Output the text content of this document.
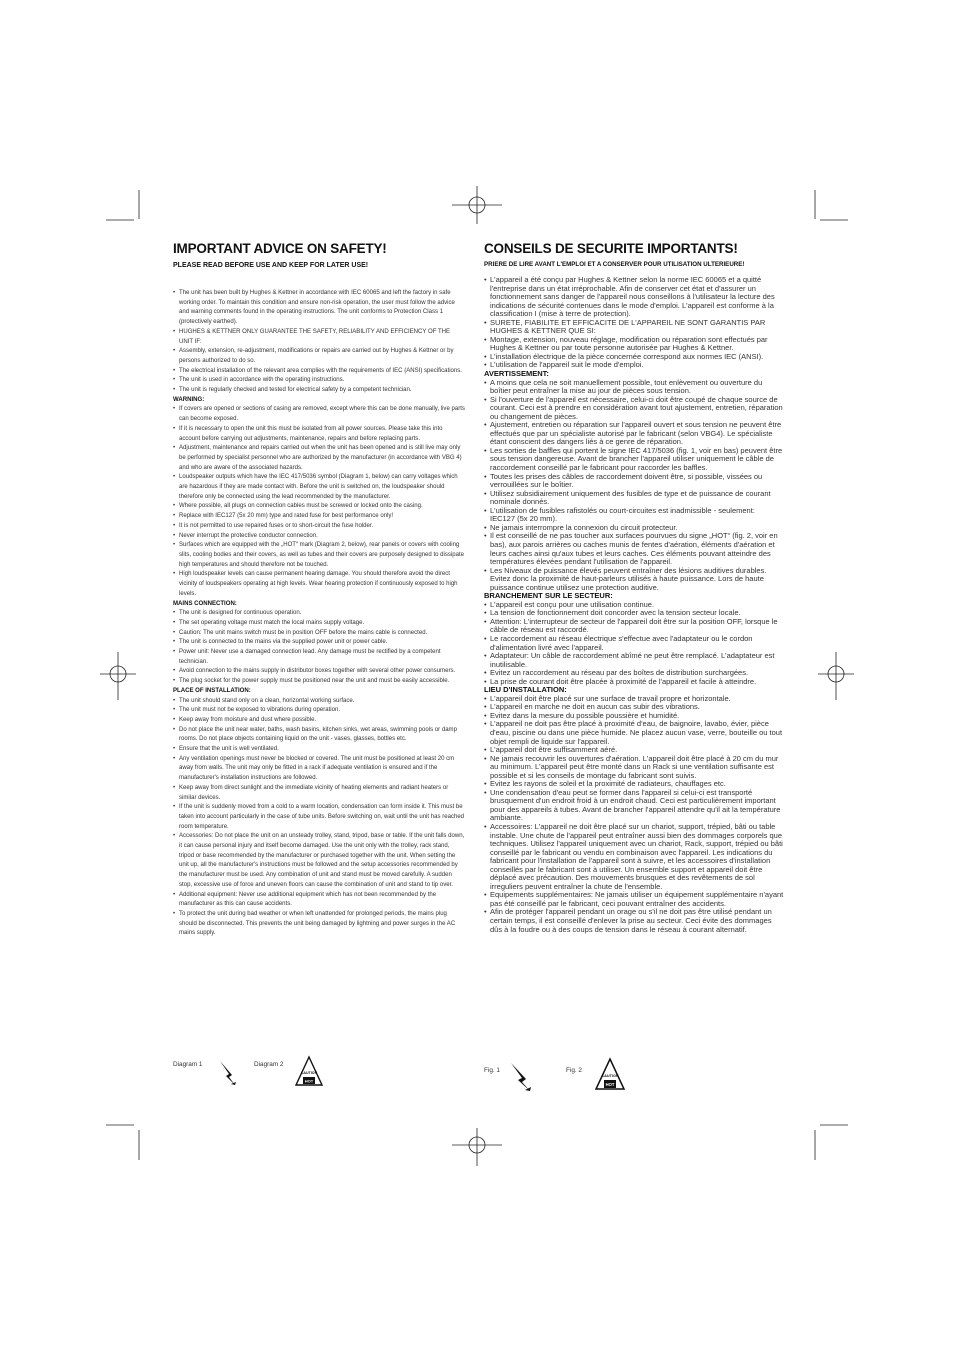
IMPORTANT ADVICE ON SAFETY!
PLEASE READ BEFORE USE AND KEEP FOR LATER USE!
• The unit has been built by Hughes & Kettner in accordance with IEC 60065 and left the factory in safe working order. To maintain this condition and ensure non-risk operation, the user must follow the advice and warning comments found in the operating instructions. The unit conforms to Protection Class 1 (protectively earthed).
• HUGHES & KETTNER ONLY GUARANTEE THE SAFETY, RELIABILITY AND EFFICIENCY OF THE UNIT IF:
• Assembly, extension, re-adjustment, modifications or repairs are carried out by Hughes & Kettner or by persons authorized to do so.
• The electrical installation of the relevant area complies with the requirements of IEC (ANSI) specifications.
• The unit is used in accordance with the operating instructions.
• The unit is regularly checked and tested for electrical safety by a competent technician.
WARNING:
• If covers are opened or sections of casing are removed, except where this can be done manually, live parts can become exposed.
• If it is necessary to open the unit this must be isolated from all power sources. Please take this into account before carrying out adjustments, maintenance, repairs and before replacing parts.
• Adjustment, maintenance and repairs carried out when the unit has been opened and is still live may only be performed by specialist personnel who are authorized by the manufacturer (in accordance with VBG 4) and who are aware of the associated hazards.
• Loudspeaker outputs which have the IEC 417/5036 symbol (Diagram 1, below) can carry voltages which are hazardous if they are made contact with. Before the unit is switched on, the loudspeaker should therefore only be connected using the lead recommended by the manufacturer.
• Where possible, all plugs on connection cables must be screwed or locked onto the casing.
• Replace with IEC127 (5x 20 mm) type and rated fuse for best performance only!
• It is not permitted to use repaired fuses or to short-circuit the fuse holder.
• Never interrupt the protective conductor connection.
• Surfaces which are equipped with the „HOT“ mark (Diagram 2, below), rear panels or covers with cooling slits, cooling bodies and their covers, as well as tubes and their covers are purposely designed to dissipate high temperatures and should therefore not be touched.
• High loudspeaker levels can cause permanent hearing damage. You should therefore avoid the direct vicinity of loudspeakers operating at high levels. Wear hearing protection if continuously exposed to high levels.
MAINS CONNECTION:
• The unit is designed for continuous operation.
• The set operating voltage must match the local mains supply voltage.
• Caution: The unit mains switch must be in position OFF before the mains cable is connected.
• The unit is connected to the mains via the supplied power unit or power cable.
• Power unit: Never use a damaged connection lead. Any damage must be rectified by a competent technician.
• Avoid connection to the mains supply in distributor boxes together with several other power consumers.
• The plug socket for the power supply must be positioned near the unit and must be easily accessible.
PLACE OF INSTALLATION:
• The unit should stand only on a clean, horizontal working surface.
• The unit must not be exposed to vibrations during operation.
• Keep away from moisture and dust where possible.
• Do not place the unit near water, baths, wash basins, kitchen sinks, wet areas, swimming pools or damp rooms. Do not place objects containing liquid on the unit - vases, glasses, bottles etc.
• Ensure that the unit is well ventilated.
• Any ventilation openings must never be blocked or covered. The unit must be positioned at least 20 cm away from walls. The unit may only be fitted in a rack if adequate ventilation is ensured and if the manufacturer's installation instructions are followed.
• Keep away from direct sunlight and the immediate vicinity of heating elements and radiant heaters or similar devices.
• If the unit is suddenly moved from a cold to a warm location, condensation can form inside it. This must be taken into account particularly in the case of tube units. Before switching on, wait until the unit has reached room temperature.
• Accessories: Do not place the unit on an unsteady trolley, stand, tripod, base or table. If the unit falls down, it can cause personal injury and itself become damaged. Use the unit only with the trolley, rack stand, tripod or base recommended by the manufacturer or purchased together with the unit. When setting the unit up, all the manufacturer's instructions must be followed and the setup accessories recommended by the manufacturer must be used. Any combination of unit and stand must be moved carefully. A sudden stop, excessive use of force and uneven floors can cause the combination of unit and stand to tip over.
• Additional equipment: Never use additional equipment which has not been recommended by the manufacturer as this can cause accidents.
• To protect the unit during bad weather or when left unattended for prolonged periods, the mains plug should be disconnected. This prevents the unit being damaged by lightning and power surges in the AC mains supply.
CONSEILS DE SECURITE IMPORTANTS!
PRIERE DE LIRE AVANT L'EMPLOI ET A CONSERVER POUR UTILISATION ULTERIEURE!
• L'appareil a été conçu par Hughes & Kettner selon la norme IEC 60065 et a quitté l'entreprise dans un état irréprochable. Afin de conserver cet état et d'assurer un fonctionnement sans danger de l'appareil nous conseillons à l'utilisateur la lecture des indications de sécurité contenues dans le mode d'emploi. L'appareil est conforme à la classification I (mise à terre de protection).
• SURETE, FIABILITE ET EFFICACITE DE L'APPAREIL NE SONT GARANTIS PAR HUGHES & KETTNER QUE SI:
• Montage, extension, nouveau réglage, modification ou réparation sont effectués par Hughes & Kettner ou par toute personne autorisée par Hughes & Kettner.
• L'installation électrique de la pièce concernée correspond aux normes IEC (ANSI).
• L'utilisation de l'appareil suit le mode d'emploi.
AVERTISSEMENT:
• A moins que cela ne soit manuellement possible, tout enlèvement ou ouverture du boîtier peut entraîner la mise au jour de pièces sous tension.
• Si l'ouverture de l'appareil est nécessaire, celui-ci doit être coupé de chaque source de courant. Ceci est à prendre en considération avant tout ajustement, entretien, réparation ou changement de pièces.
• Ajustement, entretien ou réparation sur l'appareil ouvert et sous tension ne peuvent être effectués que par un spécialiste autorisé par le fabricant (selon VBG4). Le spécialiste étant conscient des dangers liés à ce genre de réparation.
• Les sorties de baffles qui portent le signe IEC 417/5036 (fig. 1, voir en bas) peuvent être sous tension dangereuse. Avant de brancher l'appareil utiliser uniquement le câble de raccordement conseillé par le fabricant pour raccorder les baffles.
• Toutes les prises des câbles de raccordement doivent être, si possible, vissées ou verrouillées sur le boîtier.
• Utilisez subsidiairement uniquement des fusibles de type et de puissance de courant nominale donnés.
• L'utilisation de fusibles rafistolés ou court-circuites est inadmissible - seulement:
IEC127 (5x 20 mm).
• Ne jamais interrompre la connexion du circuit protecteur.
• Il est conseillé de ne pas toucher aux surfaces pourvues du signe „HOT“ (fig. 2, voir en bas), aux parois arrières ou caches munis de fentes d'aération, éléments d'aération et leurs caches ainsi qu'aux tubes et leurs caches. Ces éléments pouvant atteindre des températures élevées pendant l'utilisation de l'appareil.
• Les Niveaux de puissance élevés peuvent entraîner des lésions auditives durables. Evitez donc la proximité de haut-parleurs utilisés à haute puissance. Lors de haute puissance continue utilisez une protection auditive.
BRANCHEMENT SUR LE SECTEUR:
• L'appareil est conçu pour une utilisation continue.
• La tension de fonctionnement doit concorder avec la tension secteur locale.
• Attention: L'interrupteur de secteur de l'appareil doit être sur la position OFF, lorsque le câble de réseau est raccordé.
• Le raccordement au réseau électrique s'effectue avec l'adaptateur ou le cordon d'alimentation livré avec l'appareil.
• Adaptateur: Un câble de raccordement abîmé ne peut être remplacé. L'adaptateur est inutilisable.
• Evitez un raccordement au réseau par des boîtes de distribution surchargées.
• La prise de courant doit être placée à proximité de l'appareil et facile à atteindre.
LIEU D'INSTALLATION:
• L'appareil doit être placé sur une surface de travail propre et horizontale.
• L'appareil en marche ne doit en aucun cas subir des vibrations.
• Evitez dans la mesure du possible poussière et humidité.
• L'appareil ne doit pas être placé à proximité d'eau, de baignoire, lavabo, évier, pièce d'eau, piscine ou dans une pièce humide. Ne placez aucun vase, verre, bouteille ou tout objet rempli de liquide sur l'appareil.
• L'appareil doit être suffisamment aéré.
• Ne jamais recouvrir les ouvertures d'aération. L'appareil doit être placé à 20 cm du mur au minimum. L'appareil peut être monté dans un Rack si une ventilation suffisante est possible et si les conseils de montage du fabricant sont suivis.
• Evitez les rayons de soleil et la proximité de radiateurs, chauffages etc.
• Une condensation d'eau peut se former dans l'appareil si celui-ci est transporté brusquement d'un endroit froid à un endroit chaud. Ceci est particulièrement important pour des appareils à tubes. Avant de brancher l'appareil attendre qu'il ait la température ambiante.
• Accessoires: L'appareil ne doit être placé sur un chariot, support, trépied, bâti ou table instable. Une chute de l'appareil peut entraîner aussi bien des dommages corporels que techniques. Utilisez l'appareil uniquement avec un chariot, Rack, support, trépied ou bâti conseillé par le fabricant ou vendu en combinaison avec l'appareil. Les indications du fabricant pour l'installation de l'appareil sont à suivre, et les accessoires d'installation conseillés par le fabricant sont à utiliser. Un ensemble support et appareil doit être déplacé avec précaution. Des mouvements brusques et des revêtements de sol irreguliers peuvent entraîner la chute de l'ensemble.
• Equipements supplémentaires: Ne jamais utiliser un équipement supplémentaire n'ayant pas été conseillé par le fabricant, ceci pouvant entraîner des accidents.
• Afin de protéger l'appareil pendant un orage ou s'il ne doit pas être utilisé pendant un certain temps, il est conseillé d'enlever la prise au secteur. Ceci évite des dommages dûs à la foudre ou à des coups de tension dans le réseau à courant alternatif.
Diagram 1	Diagram 2
CAUTION
HOT
Fig. 1	Fig. 2
CAUTION
HOT
